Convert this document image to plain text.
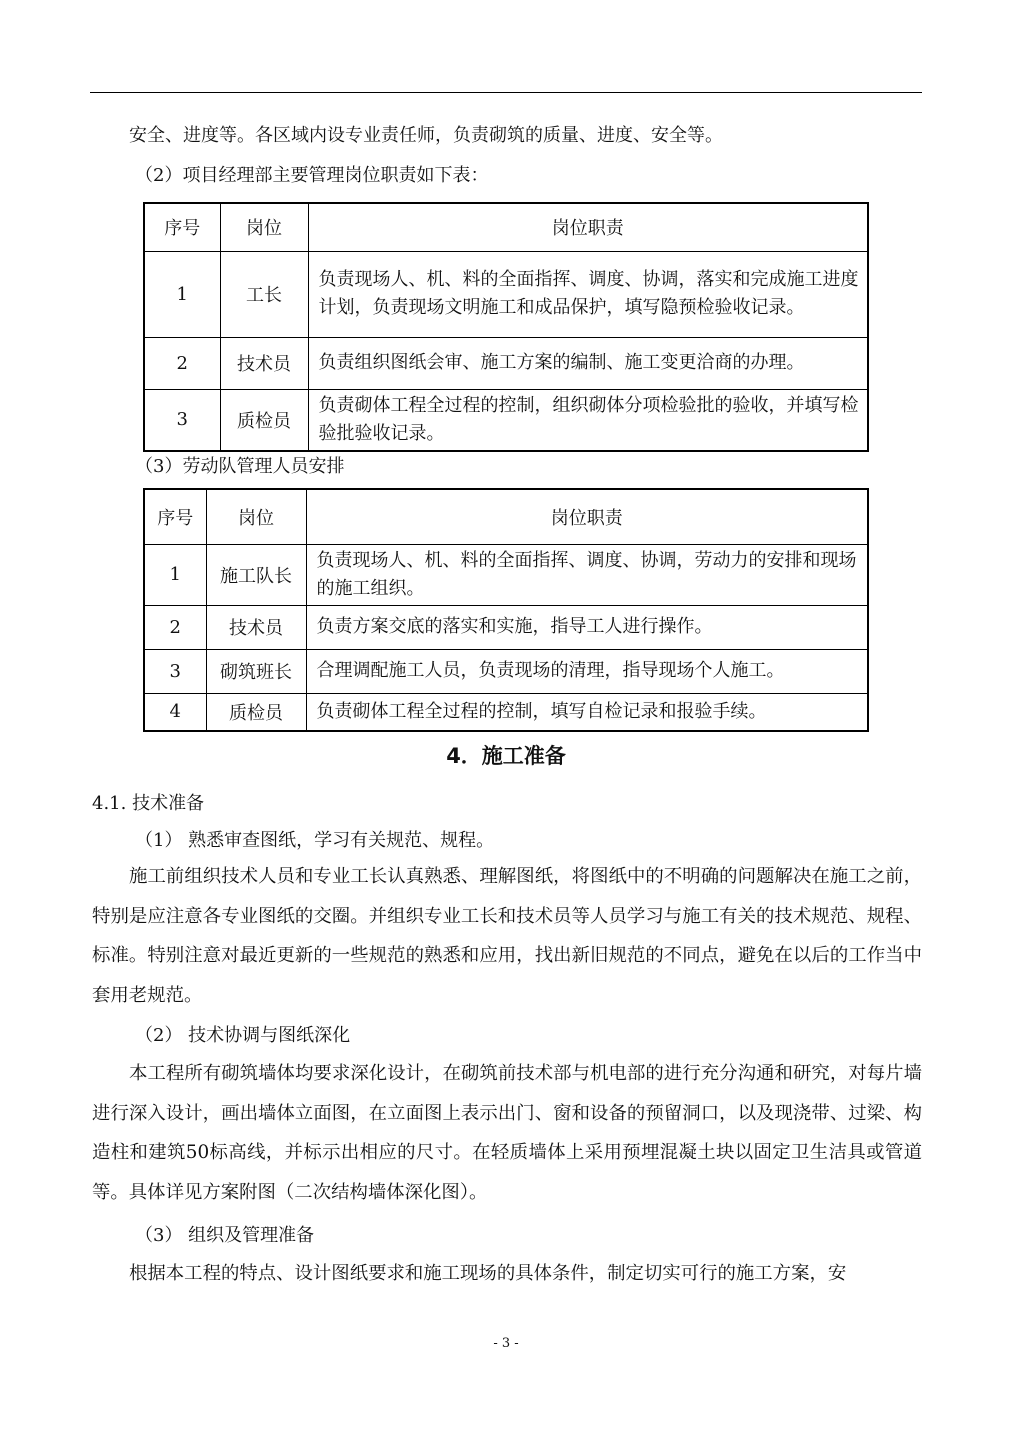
安全、进度等。各区域内设专业责任师，负责砌筑的质量、进度、安全等。
（2）项目经理部主要管理岗位职责如下表：
序号	岗位	岗位职责
1	工长	负责现场人、机、料的全面指挥、调度、协调，落实和完成施工进度计划，负责现场文明施工和成品保护，填写隐预检验收记录。
2	技术员	负责组织图纸会审、施工方案的编制、施工变更洽商的办理。
3	质检员	负责砌体工程全过程的控制，组织砌体分项检验批的验收，并填写检验批验收记录。
（3）劳动队管理人员安排
序号	岗位	岗位职责
1	施工队长	负责现场人、机、料的全面指挥、调度、协调，劳动力的安排和现场的施工组织。
2	技术员	负责方案交底的落实和实施，指导工人进行操作。
3	砌筑班长	合理调配施工人员，负责现场的清理，指导现场个人施工。
4	质检员	负责砌体工程全过程的控制，填写自检记录和报验手续。
4．施工准备
4.1. 技术准备
（1） 熟悉审查图纸，学习有关规范、规程。
施工前组织技术人员和专业工长认真熟悉、理解图纸，将图纸中的不明确的问题解决在施工之前，特别是应注意各专业图纸的交圈。并组织专业工长和技术员等人员学习与施工有关的技术规范、规程、标准。特别注意对最近更新的一些规范的熟悉和应用，找出新旧规范的不同点，避免在以后的工作当中套用老规范。
（2） 技术协调与图纸深化
本工程所有砌筑墙体均要求深化设计，在砌筑前技术部与机电部的进行充分沟通和研究，对每片墙进行深入设计，画出墙体立面图，在立面图上表示出门、窗和设备的预留洞口，以及现浇带、过梁、构造柱和建筑50标高线，并标示出相应的尺寸。在轻质墙体上采用预埋混凝土块以固定卫生洁具或管道等。具体详见方案附图（二次结构墙体深化图）。
（3） 组织及管理准备
根据本工程的特点、设计图纸要求和施工现场的具体条件，制定切实可行的施工方案，安
- 3 -
